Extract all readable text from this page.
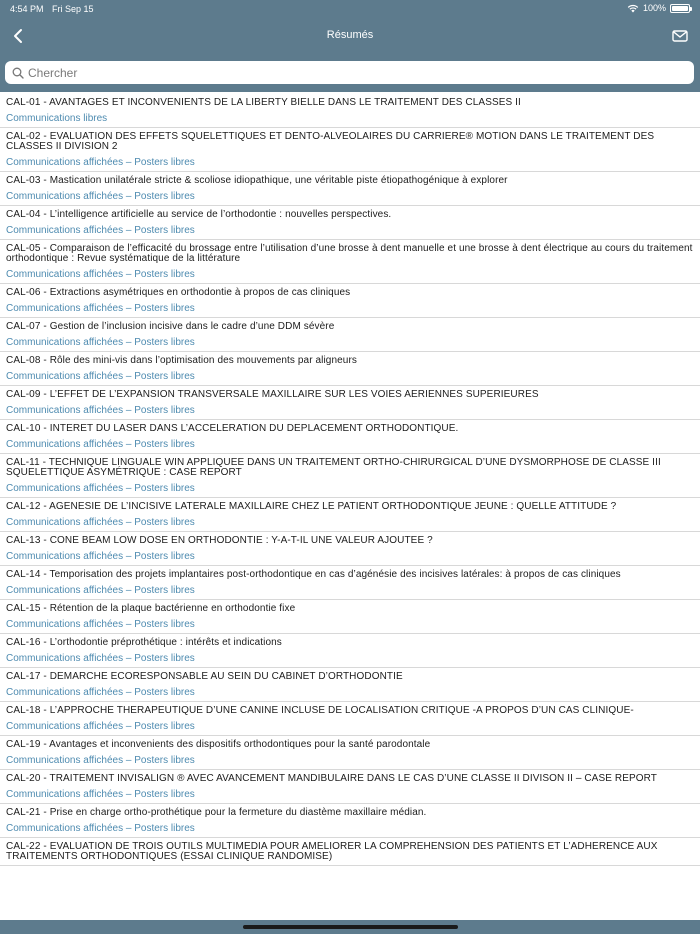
4:54 PM Fri Sep 15	100%
Résumés
Chercher
CAL-01 - AVANTAGES ET INCONVENIENTS DE LA LIBERTY BIELLE DANS LE TRAITEMENT DES CLASSES II
Communications libres
CAL-02 - EVALUATION DES EFFETS SQUELETTIQUES ET DENTO-ALVEOLAIRES DU CARRIERE® MOTION DANS LE TRAITEMENT DES CLASSES II DIVISION 2
Communications affichées – Posters libres
CAL-03 - Mastication unilatérale stricte & scoliose idiopathique, une véritable piste étiopathogénique à explorer
Communications affichées – Posters libres
CAL-04 - L’intelligence artificielle au service de l’orthodontie : nouvelles perspectives.
Communications affichées – Posters libres
CAL-05 - Comparaison de l’efficacité du brossage entre l’utilisation d’une brosse à dent manuelle et une brosse à dent électrique au cours du traitement orthodontique : Revue systématique de la littérature
Communications affichées – Posters libres
CAL-06 - Extractions asymétriques en orthodontie à propos de cas cliniques
Communications affichées – Posters libres
CAL-07 - Gestion de l’inclusion incisive dans le cadre d’une DDM sévère
Communications affichées – Posters libres
CAL-08 - Rôle des mini-vis dans l’optimisation des mouvements par aligneurs
Communications affichées – Posters libres
CAL-09 - L’EFFET DE L’EXPANSION TRANSVERSALE MAXILLAIRE SUR LES VOIES AERIENNES SUPERIEURES
Communications affichées – Posters libres
CAL-10 - INTERET DU LASER DANS L’ACCELERATION DU DEPLACEMENT ORTHODONTIQUE.
Communications affichées – Posters libres
CAL-11 - TECHNIQUE LINGUALE WIN APPLIQUEE DANS UN TRAITEMENT ORTHO-CHIRURGICAL D’UNE DYSMORPHOSE DE CLASSE III SQUELETTIQUE ASYMÉTRIQUE : CASE REPORT
Communications affichées – Posters libres
CAL-12 - AGENESIE DE L’INCISIVE LATERALE MAXILLAIRE CHEZ LE PATIENT ORTHODONTIQUE JEUNE : QUELLE ATTITUDE ?
Communications affichées – Posters libres
CAL-13 - CONE BEAM LOW DOSE EN ORTHODONTIE : Y-A-T-IL UNE VALEUR AJOUTEE ?
Communications affichées – Posters libres
CAL-14 - Temporisation des projets implantaires post-orthodontique en cas d’agénésie des incisives latérales: à propos de cas cliniques
Communications affichées – Posters libres
CAL-15 - Rétention de la plaque bactérienne en orthodontie fixe
Communications affichées – Posters libres
CAL-16 - L’orthodontie préprothétique : intérêts et indications
Communications affichées – Posters libres
CAL-17 - DEMARCHE ECORESPONSABLE AU SEIN DU CABINET D’ORTHODONTIE
Communications affichées – Posters libres
CAL-18 - L’APPROCHE THERAPEUTIQUE D’UNE CANINE INCLUSE DE LOCALISATION CRITIQUE -A PROPOS D’UN CAS CLINIQUE-
Communications affichées – Posters libres
CAL-19 - Avantages et inconvenients des dispositifs orthodontiques pour la santé parodontale
Communications affichées – Posters libres
CAL-20 - TRAITEMENT INVISALIGN ® AVEC AVANCEMENT MANDIBULAIRE DANS LE CAS D’UNE CLASSE II DIVISON II – CASE REPORT
Communications affichées – Posters libres
CAL-21 - Prise en charge ortho-prothétique pour la fermeture du diastème maxillaire médian.
Communications affichées – Posters libres
CAL-22 - EVALUATION DE TROIS OUTILS MULTIMEDIA POUR AMELIORER LA COMPREHENSION DES PATIENTS ET L’ADHERENCE AUX TRAITEMENTS ORTHODONTIQUES (ESSAI CLINIQUE RANDOMISE)
